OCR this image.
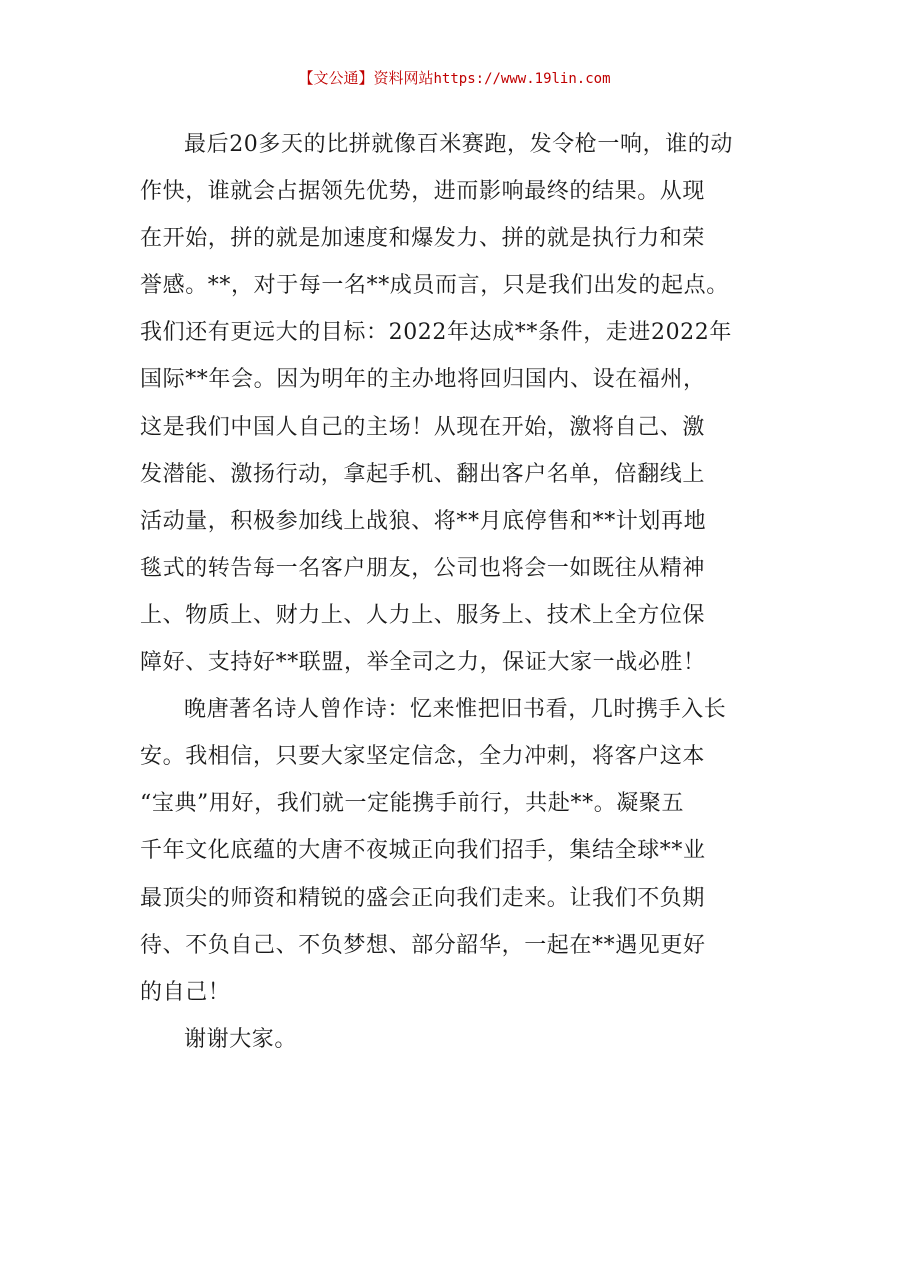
【文公通】资料网站https://www.19lin.com

最后20多天的比拼就像百米赛跑，发令枪一响，谁的动
作快，谁就会占据领先优势，进而影响最终的结果。从现
在开始，拼的就是加速度和爆发力、拼的就是执行力和荣
誉感。**，对于每一名**成员而言，只是我们出发的起点。
我们还有更远大的目标：2022年达成**条件，走进2022年
国际**年会。因为明年的主办地将回归国内、设在福州，
这是我们中国人自己的主场！从现在开始，激将自己、激
发潜能、激扬行动，拿起手机、翻出客户名单，倍翻线上
活动量，积极参加线上战狼、将**月底停售和**计划再地
毯式的转告每一名客户朋友，公司也将会一如既往从精神
上、物质上、财力上、人力上、服务上、技术上全方位保
障好、支持好**联盟，举全司之力，保证大家一战必胜！

晚唐著名诗人曾作诗：忆来惟把旧书看，几时携手入长
安。我相信，只要大家坚定信念，全力冲刺，将客户这本
“宝典”用好，我们就一定能携手前行，共赴**。凝聚五
千年文化底蕴的大唐不夜城正向我们招手，集结全球**业
最顶尖的师资和精锐的盛会正向我们走来。让我们不负期
待、不负自己、不负梦想、部分韶华，一起在**遇见更好
的自己！

谢谢大家。
